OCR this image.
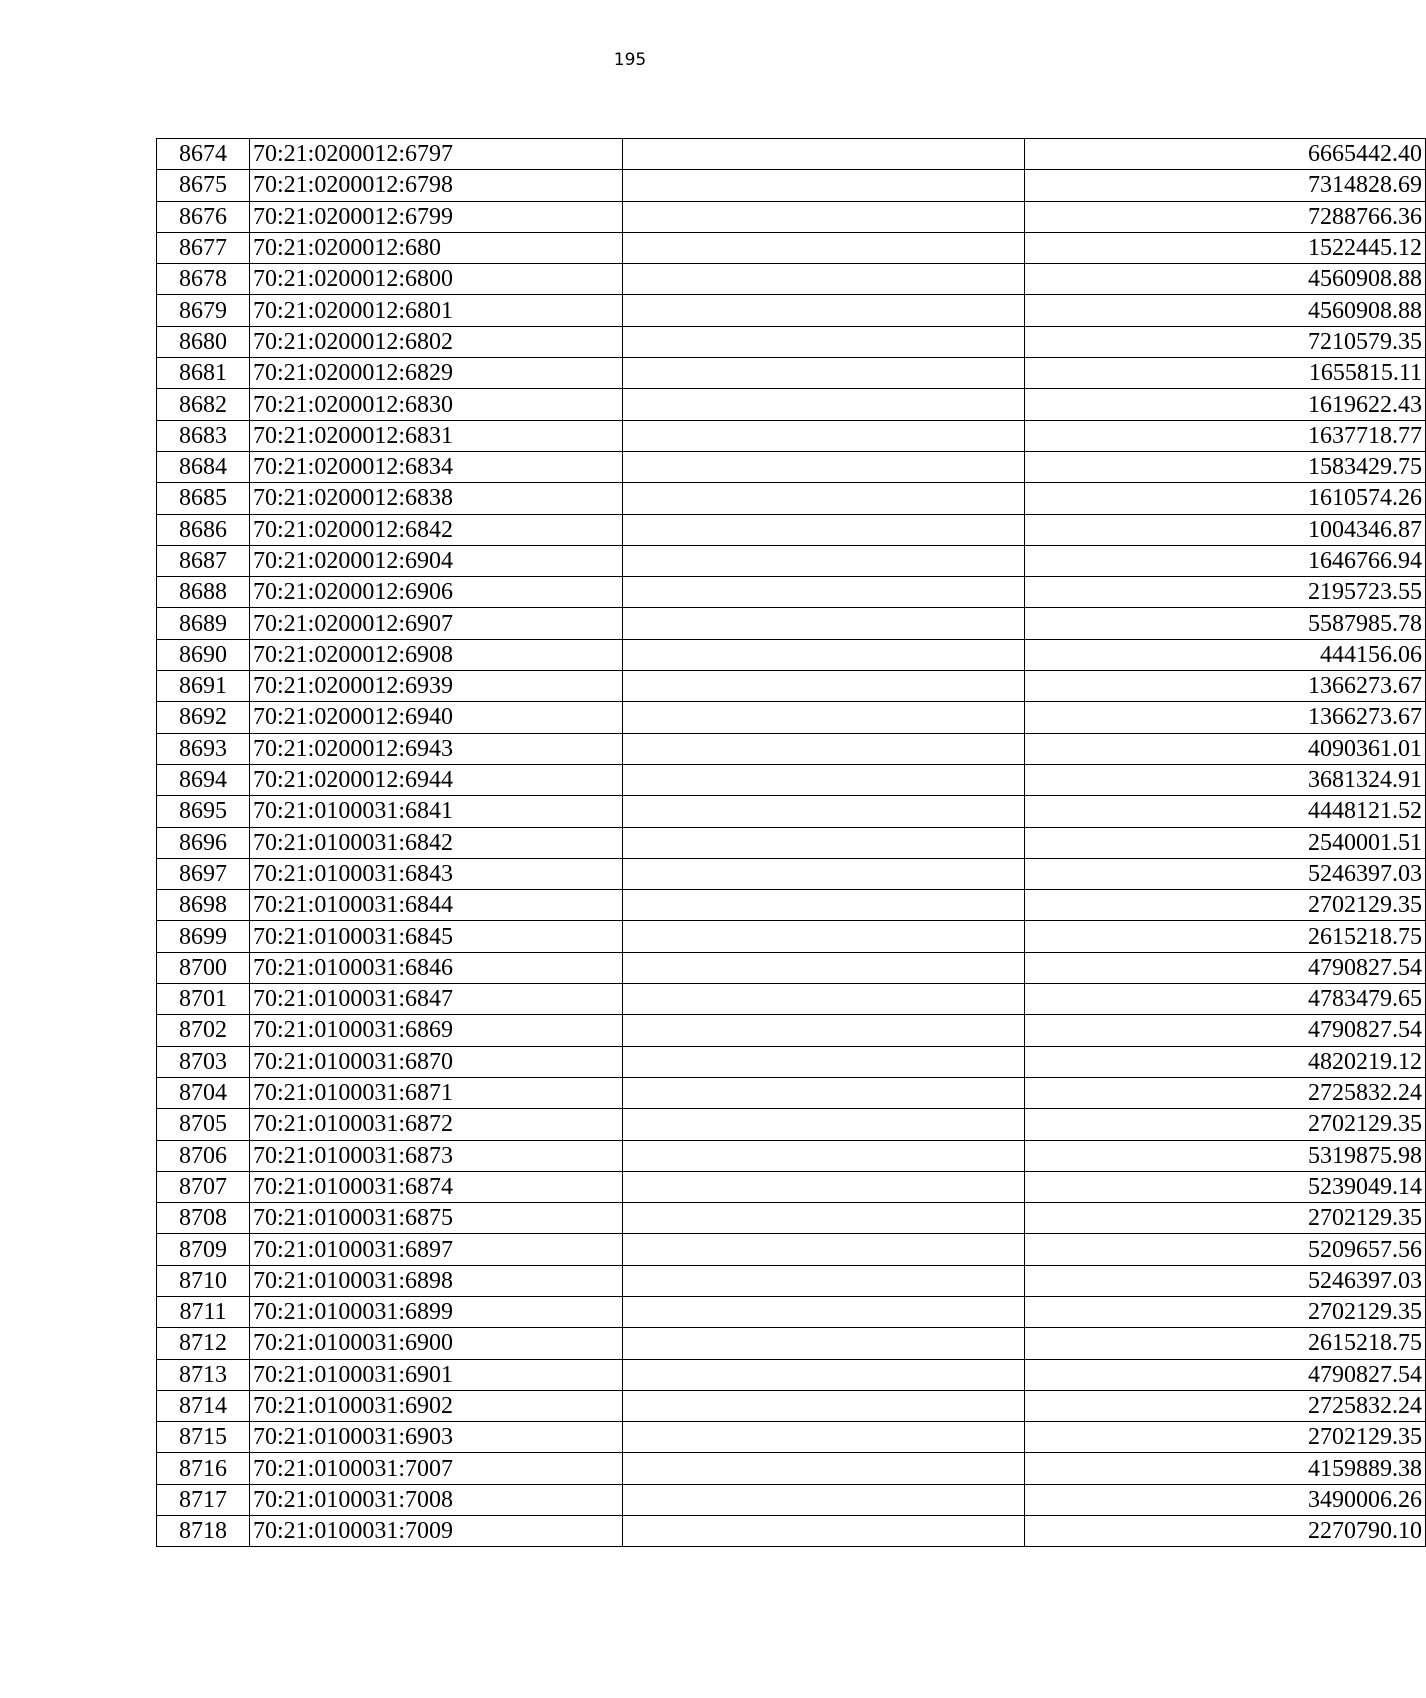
195
8674	70:21:0200012:6797		6665442.40
8675	70:21:0200012:6798		7314828.69
8676	70:21:0200012:6799		7288766.36
8677	70:21:0200012:680		1522445.12
8678	70:21:0200012:6800		4560908.88
8679	70:21:0200012:6801		4560908.88
8680	70:21:0200012:6802		7210579.35
8681	70:21:0200012:6829		1655815.11
8682	70:21:0200012:6830		1619622.43
8683	70:21:0200012:6831		1637718.77
8684	70:21:0200012:6834		1583429.75
8685	70:21:0200012:6838		1610574.26
8686	70:21:0200012:6842		1004346.87
8687	70:21:0200012:6904		1646766.94
8688	70:21:0200012:6906		2195723.55
8689	70:21:0200012:6907		5587985.78
8690	70:21:0200012:6908		444156.06
8691	70:21:0200012:6939		1366273.67
8692	70:21:0200012:6940		1366273.67
8693	70:21:0200012:6943		4090361.01
8694	70:21:0200012:6944		3681324.91
8695	70:21:0100031:6841		4448121.52
8696	70:21:0100031:6842		2540001.51
8697	70:21:0100031:6843		5246397.03
8698	70:21:0100031:6844		2702129.35
8699	70:21:0100031:6845		2615218.75
8700	70:21:0100031:6846		4790827.54
8701	70:21:0100031:6847		4783479.65
8702	70:21:0100031:6869		4790827.54
8703	70:21:0100031:6870		4820219.12
8704	70:21:0100031:6871		2725832.24
8705	70:21:0100031:6872		2702129.35
8706	70:21:0100031:6873		5319875.98
8707	70:21:0100031:6874		5239049.14
8708	70:21:0100031:6875		2702129.35
8709	70:21:0100031:6897		5209657.56
8710	70:21:0100031:6898		5246397.03
8711	70:21:0100031:6899		2702129.35
8712	70:21:0100031:6900		2615218.75
8713	70:21:0100031:6901		4790827.54
8714	70:21:0100031:6902		2725832.24
8715	70:21:0100031:6903		2702129.35
8716	70:21:0100031:7007		4159889.38
8717	70:21:0100031:7008		3490006.26
8718	70:21:0100031:7009		2270790.10
